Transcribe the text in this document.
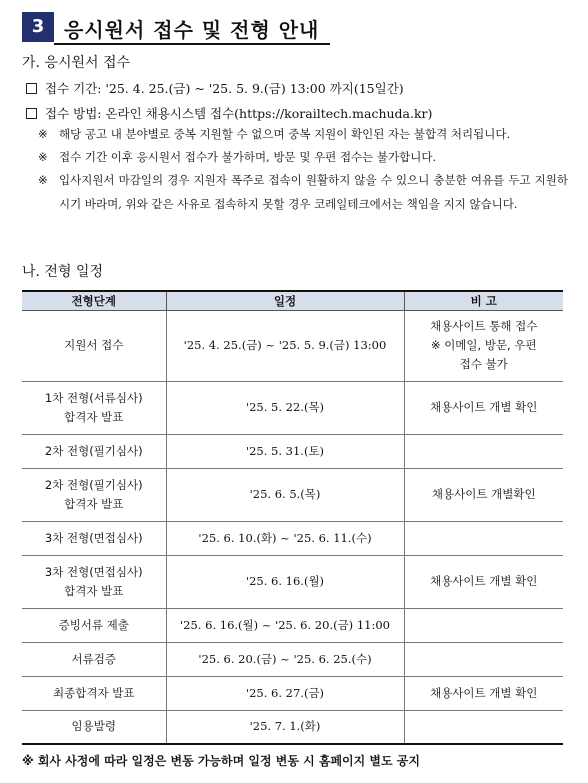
3 응시원서 접수 및 전형 안내
가. 응시원서 접수
접수 기간: '25. 4. 25.(금) ~ '25. 5. 9.(금) 13:00 까지(15일간)
접수 방법: 온라인 채용시스템 접수(https://korailtech.machuda.kr)
※ 해당 공고 내 분야별로 중복 지원할 수 없으며 중복 지원이 확인된 자는 불합격 처리됩니다.
※ 접수 기간 이후 응시원서 접수가 불가하며, 방문 및 우편 접수는 불가합니다.
※ 입사지원서 마감일의 경우 지원자 폭주로 접속이 원활하지 않을 수 있으니 충분한 여유를 두고 지원하시기 바라며, 위와 같은 사유로 접속하지 못할 경우 코레일테크에서는 책임을 지지 않습니다.
나. 전형 일정
전형단계	일정	비 고

지원서 접수	'25. 4. 25.(금) ~ '25. 5. 9.(금) 13:00	채용사이트 통해 접수
※ 이메일, 방문, 우편
접수 불가

1차 전형(서류심사)
합격자 발표	'25. 5. 22.(목)	채용사이트 개별 확인

2차 전형(필기심사)	'25. 5. 31.(토)	

2차 전형(필기심사)
합격자 발표	'25. 6. 5.(목)	채용사이트 개별확인

3차 전형(면접심사)	'25. 6. 10.(화) ~ '25. 6. 11.(수)	

3차 전형(면접심사)
합격자 발표	'25. 6. 16.(월)	채용사이트 개별 확인

증빙서류 제출	'25. 6. 16.(월) ~ '25. 6. 20.(금) 11:00	

서류검증	'25. 6. 20.(금) ~ '25. 6. 25.(수)	

최종합격자 발표	'25. 6. 27.(금)	채용사이트 개별 확인

임용발령	'25. 7. 1.(화)	
※ 회사 사정에 따라 일정은 변동 가능하며 일정 변동 시 홈페이지 별도 공지
